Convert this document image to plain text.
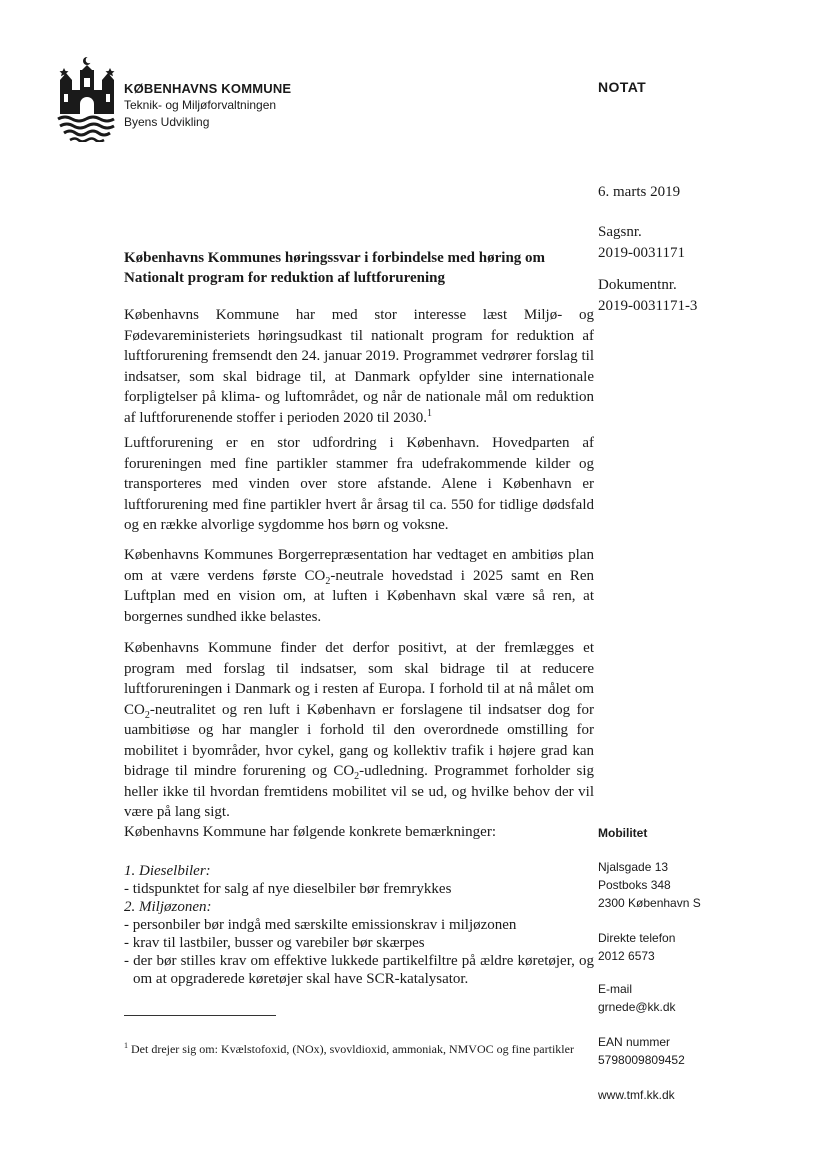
KØBENHAVNS KOMMUNE
Teknik- og Miljøforvaltningen
Byens Udvikling
NOTAT
6. marts 2019
Sagsnr.
2019-0031171
Dokumentnr.
2019-0031171-3
Københavns Kommunes høringssvar i forbindelse med høring om
Nationalt program for reduktion af luftforurening

Københavns Kommune har med stor interesse læst Miljø- og Fødevareministeriets høringsudkast til nationalt program for reduktion af luftforurening fremsendt den 24. januar 2019. Programmet vedrører forslag til indsatser, som skal bidrage til, at Danmark opfylder sine internationale forpligtelser på klima- og luftområdet, og når de nationale mål om reduktion af luftforurenende stoffer i perioden 2020 til 2030.$^1$

Luftforurening er en stor udfordring i København. Hovedparten af forureningen med fine partikler stammer fra udefrakommende kilder og transporteres med vinden over store afstande. Alene i København er luftforurening med fine partikler hvert år årsag til ca. 550 for tidlige dødsfald og en række alvorlige sygdomme hos børn og voksne.

Københavns Kommunes Borgerrepræsentation har vedtaget en ambitiøs plan om at være verdens første $CO_2$-neutrale hovedstad i 2025 samt en Ren Luftplan med en vision om, at luften i København skal være så ren, at borgernes sundhed ikke belastes.

Københavns Kommune finder det derfor positivt, at der fremlægges et program med forslag til indsatser, som skal bidrage til at reducere luftforureningen i Danmark og i resten af Europa. I forhold til at nå målet om $CO_2$-neutralitet og ren luft i København er forslagene til indsatser dog for uambitiøse og har mangler i forhold til den overordnede omstilling for mobilitet i byområder, hvor cykel, gang og kollektiv trafik i højere grad kan bidrage til mindre forurening og $CO_2$-udledning. Programmet forholder sig heller ikke til hvordan fremtidens mobilitet vil se ud, og hvilke behov der vil være på lang sigt.

Københavns Kommune har følgende konkrete bemærkninger:

1. Dieselbiler:
- tidspunktet for salg af nye dieselbiler bør fremrykkes
2. Miljøzonen:
- personbiler bør indgå med særskilte emissionskrav i miljøzonen
- krav til lastbiler, busser og varebiler bør skærpes
- der bør stilles krav om effektive lukkede partikelfiltre på ældre køretøjer, og om at opgraderede køretøjer skal have SCR-katalysator.
$^1$ Det drejer sig om: Kvælstofoxid, (NOx), svovldioxid, ammoniak, NMVOC og fine partikler
Mobilitet
Njalsgade 13
Postboks 348
2300 København S
Direkte telefon
2012 6573
E-mail
grnede@kk.dk
EAN nummer
5798009809452
www.tmf.kk.dk
